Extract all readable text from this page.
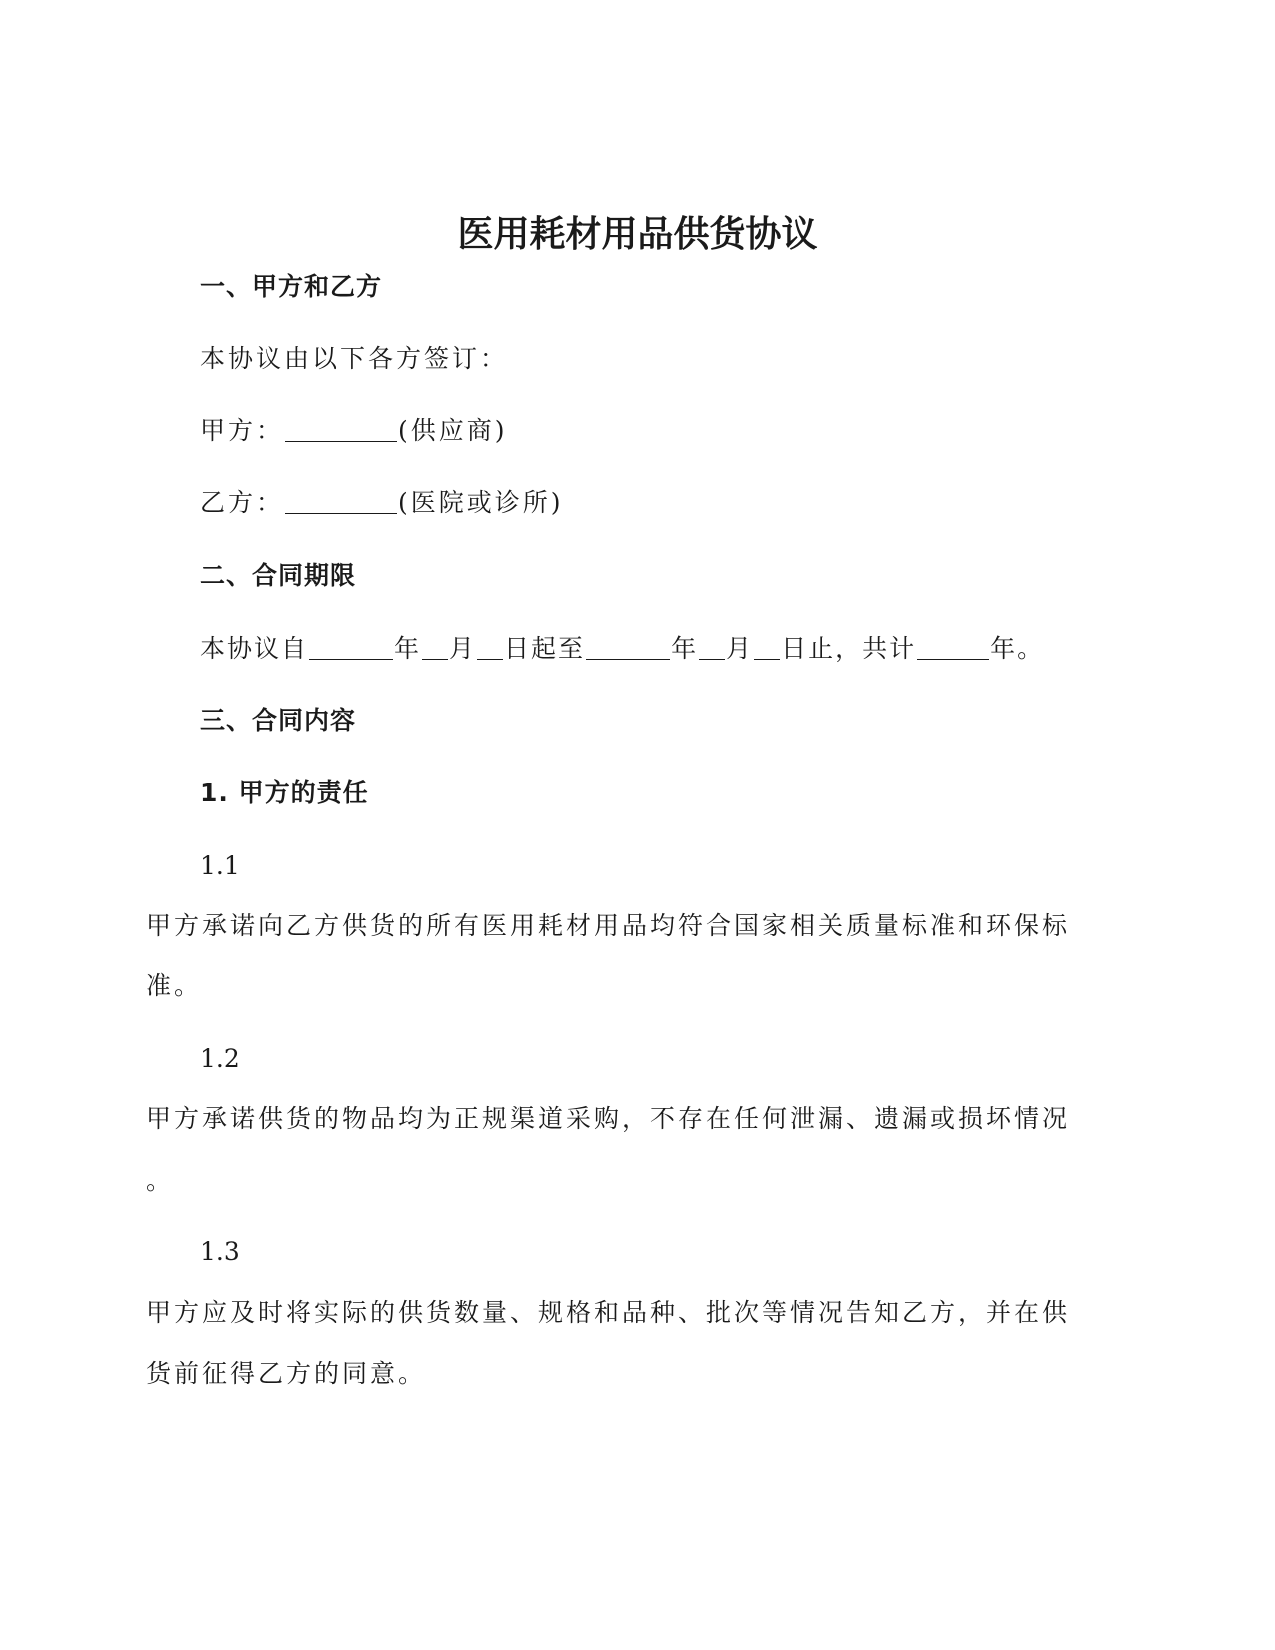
医用耗材用品供货协议
一、甲方和乙方
本协议由以下各方签订：
甲方：	(供应商)
乙方：	(医院或诊所)
二、合同期限
本协议自	年 月 日起至	年 月 日止，共计	年。
三、合同内容
1. 甲方的责任
1.1
甲方承诺向乙方供货的所有医用耗材用品均符合国家相关质量标准和环保标
准。
1.2
甲方承诺供货的物品均为正规渠道采购，不存在任何泄漏、遗漏或损坏情况
。
1.3
甲方应及时将实际的供货数量、规格和品种、批次等情况告知乙方，并在供
货前征得乙方的同意。
